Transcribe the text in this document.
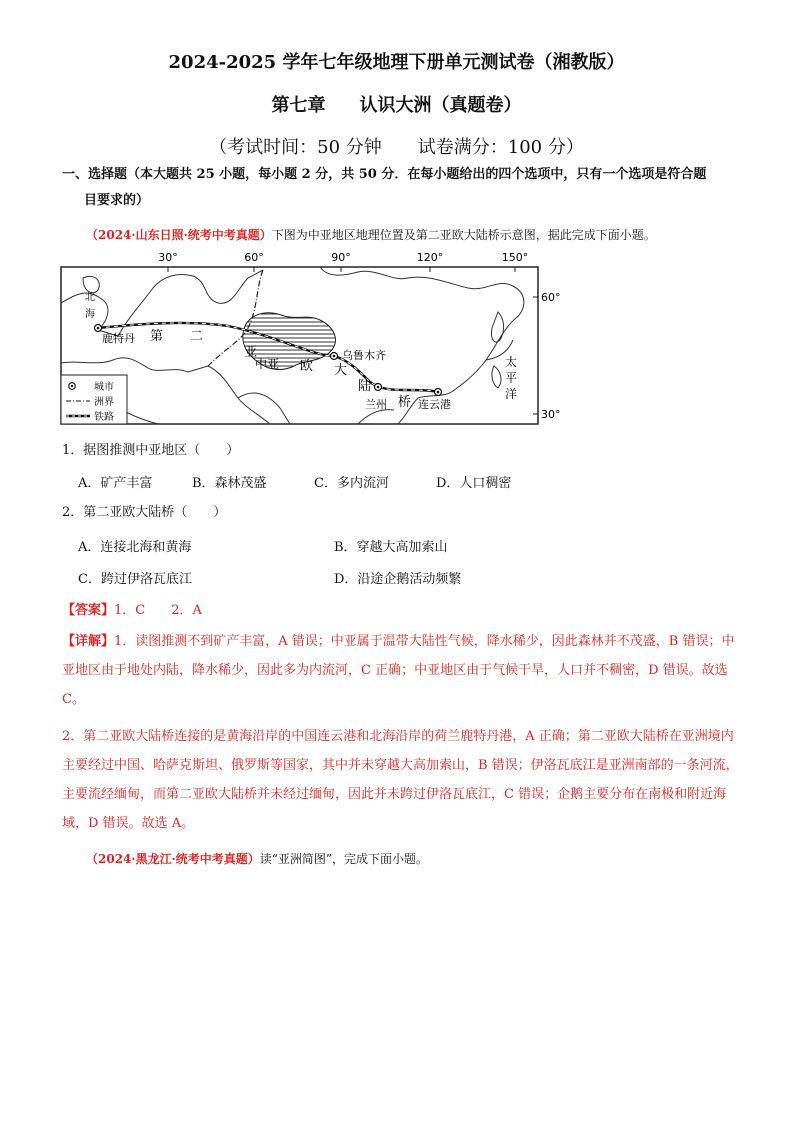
2024-2025 学年七年级地理下册单元测试卷（湘教版）
第七章 认识大洲（真题卷）
（考试时间：50 分钟 试卷满分：100 分）
一、选择题（本大题共 25 小题，每小题 2 分，共 50 分．在每小题给出的四个选项中，只有一个选项是符合题
目要求的）
（2024·山东日照·统考中考真题）下图为中亚地区地理位置及第二亚欧大陆桥示意图，据此完成下面小题。
30°	60°	90°	120°	150°
60°
30°
北
海
鹿特丹
乌鲁木齐
兰州	连云港
中亚	太
平
洋
第 二
亚
欧 大
陆
桥
城市
洲界
铁路
1．据图推测中亚地区（　　）
A．矿产丰富	B．森林茂盛	C．多内流河	D．人口稠密
2．第二亚欧大陆桥（　　）
A．连接北海和黄海	B．穿越大高加索山
C．跨过伊洛瓦底江	D．沿途企鹅活动频繁
【答案】1．C　　2．A
【详解】1．读图推测不到矿产丰富，A 错误；中亚属于温带大陆性气候，降水稀少，因此森林并不茂盛，B 错误；中亚地区由于地处内陆，降水稀少，因此多为内流河，C 正确；中亚地区由于气候干旱，人口并不稠密，D 错误。故选 C。
2．第二亚欧大陆桥连接的是黄海沿岸的中国连云港和北海沿岸的荷兰鹿特丹港，A 正确；第二亚欧大陆桥在亚洲境内主要经过中国、哈萨克斯坦、俄罗斯等国家，其中并未穿越大高加索山，B 错误；伊洛瓦底江是亚洲南部的一条河流，主要流经缅甸，而第二亚欧大陆桥并未经过缅甸，因此并未跨过伊洛瓦底江，C 错误；企鹅主要分布在南极和附近海域，D 错误。故选 A。
（2024·黑龙江·统考中考真题）读“亚洲简图”，完成下面小题。
